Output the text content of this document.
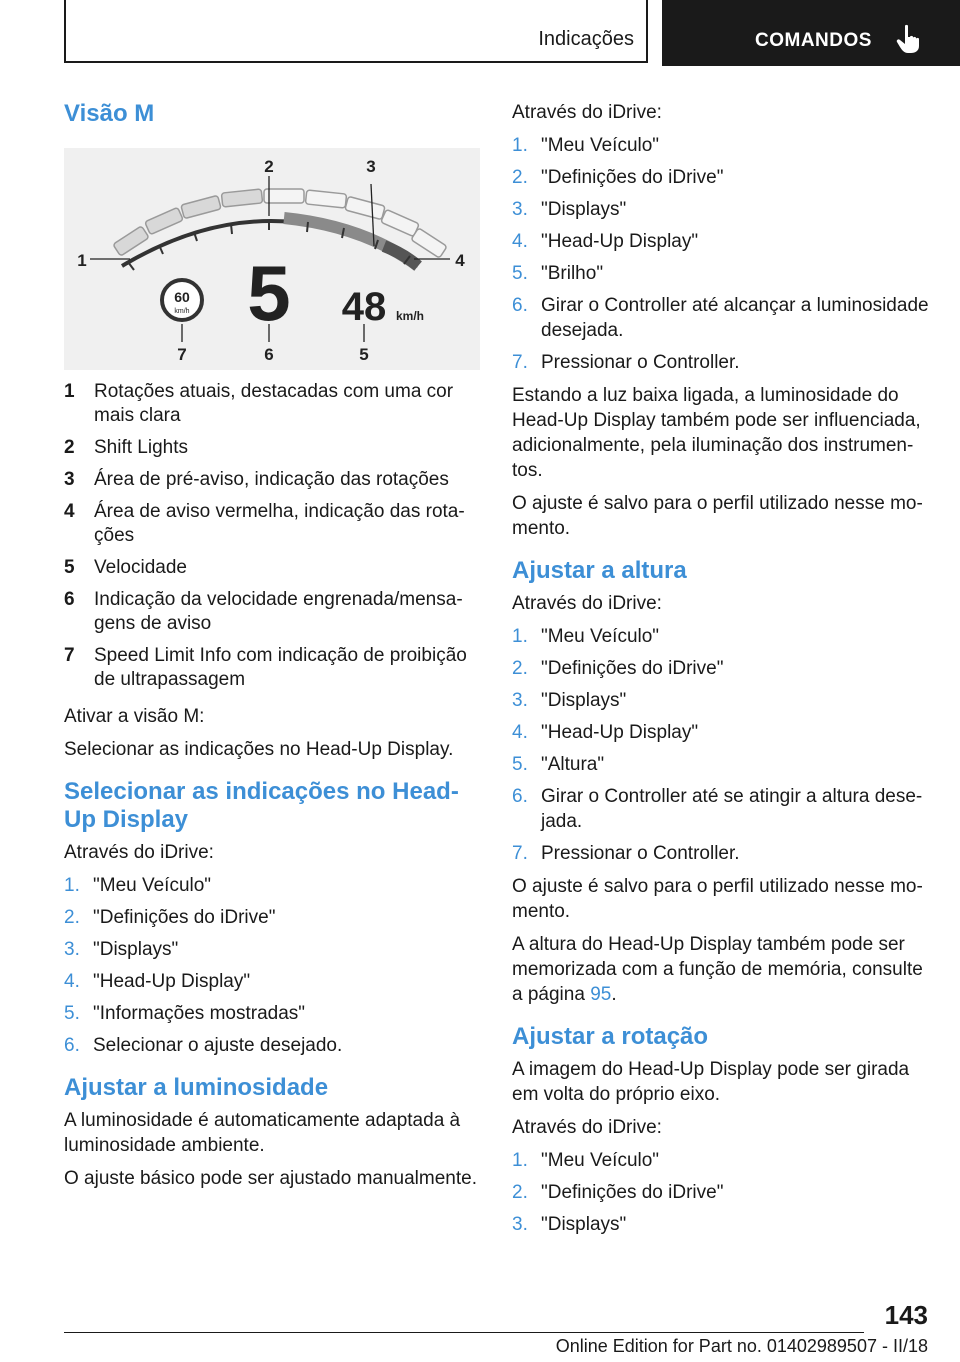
Indicações	COMANDOS
Visão M
1
2	3
4
5
6
7
60
km/h 5 48 km/h
1 Rotações atuais, destacadas com uma cor mais clara
2 Shift Lights
3 Área de pré-aviso, indicação das rotações
4 Área de aviso vermelha, indicação das rota-ções
5 Velocidade
6 Indicação da velocidade engrenada/mensa-gens de aviso
7 Speed Limit Info com indicação de proibição de ultrapassagem

Ativar a visão M:

Selecionar as indicações no Head-Up Display.

Selecionar as indicações no Head-Up Display

Através do iDrive:

1. "Meu Veículo"
2. "Definições do iDrive"
3. "Displays"
4. "Head-Up Display"
5. "Informações mostradas"
6. Selecionar o ajuste desejado.
Ajustar a luminosidade

A luminosidade é automaticamente adaptada à luminosidade ambiente.

O ajuste básico pode ser ajustado manualmente.

Através do iDrive:

1. "Meu Veículo"
2. "Definições do iDrive"
3. "Displays"
4. "Head-Up Display"
5. "Brilho"
6. Girar o Controller até alcançar a luminosidade desejada.
7. Pressionar o Controller.

Estando a luz baixa ligada, a luminosidade do Head-Up Display também pode ser influenciada, adicionalmente, pela iluminação dos instrumen-tos.

O ajuste é salvo para o perfil utilizado nesse mo-mento.

Ajustar a altura

Através do iDrive:

1. "Meu Veículo"
2. "Definições do iDrive"
3. "Displays"
4. "Head-Up Display"
5. "Altura"
6. Girar o Controller até se atingir a altura dese-jada.
7. Pressionar o Controller.

O ajuste é salvo para o perfil utilizado nesse mo-mento.

A altura do Head-Up Display também pode ser memorizada com a função de memória, consulte a página 95.

Ajustar a rotação

A imagem do Head-Up Display pode ser girada em volta do próprio eixo.

Através do iDrive:

1. "Meu Veículo"
2. "Definições do iDrive"
3. "Displays"
143
Online Edition for Part no. 01402989507 - II/18
